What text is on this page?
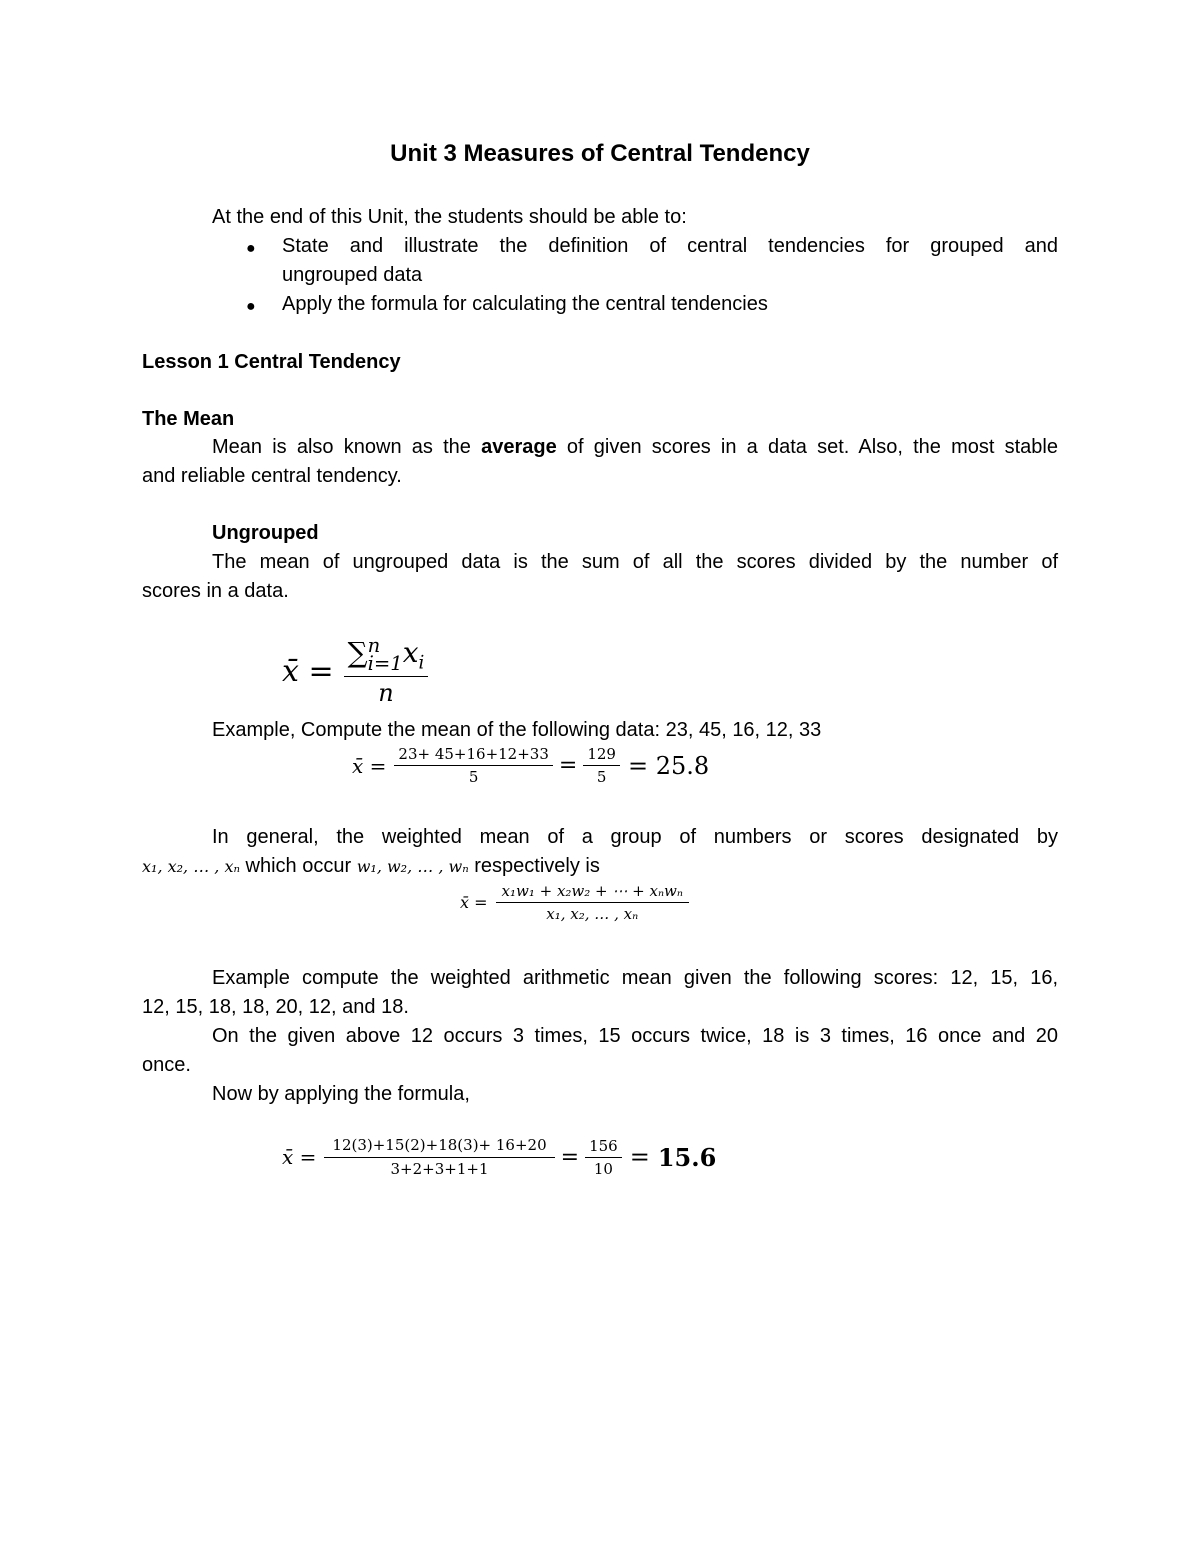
Unit 3 Measures of Central Tendency
At the end of this Unit, the students should be able to:
● State and illustrate the definition of central tendencies for grouped and
ungrouped data
● Apply the formula for calculating the central tendencies
Lesson 1 Central Tendency
The Mean
Mean is also known as the average of given scores in a data set. Also, the most stable
and reliable central tendency.
Ungrouped
The mean of ungrouped data is the sum of all the scores divided by the number of
scores in a data.
x̄ = ∑ n
i=1 $x_i$
n
Example, Compute the mean of the following data: 23, 45, 16, 12, 33
x̄ = $\frac{23+ 45+16+12+33}{5} = \frac{129}{5} = 25.8$
In general, the weighted mean of a group of numbers or scores designated by
x₁, x₂, … , xₙ which occur w₁, w₂, … , wₙ respectively is
x̄ = $\frac{\text{x₁w₁ + x₂w₂ + ⋯ + xₙwₙ}}{\text{x₁, x₂, … , xₙ}}$
Example compute the weighted arithmetic mean given the following scores: 12, 15, 16,
12, 15, 18, 18, 20, 12, and 18.
On the given above 12 occurs 3 times, 15 occurs twice, 18 is 3 times, 16 once and 20
once.
Now by applying the formula,
x̄ = $\frac{12(3)+15(2)+18(3)+ 16+20}{3+2+3+1+1} = \frac{156}{10} = 15.6$
